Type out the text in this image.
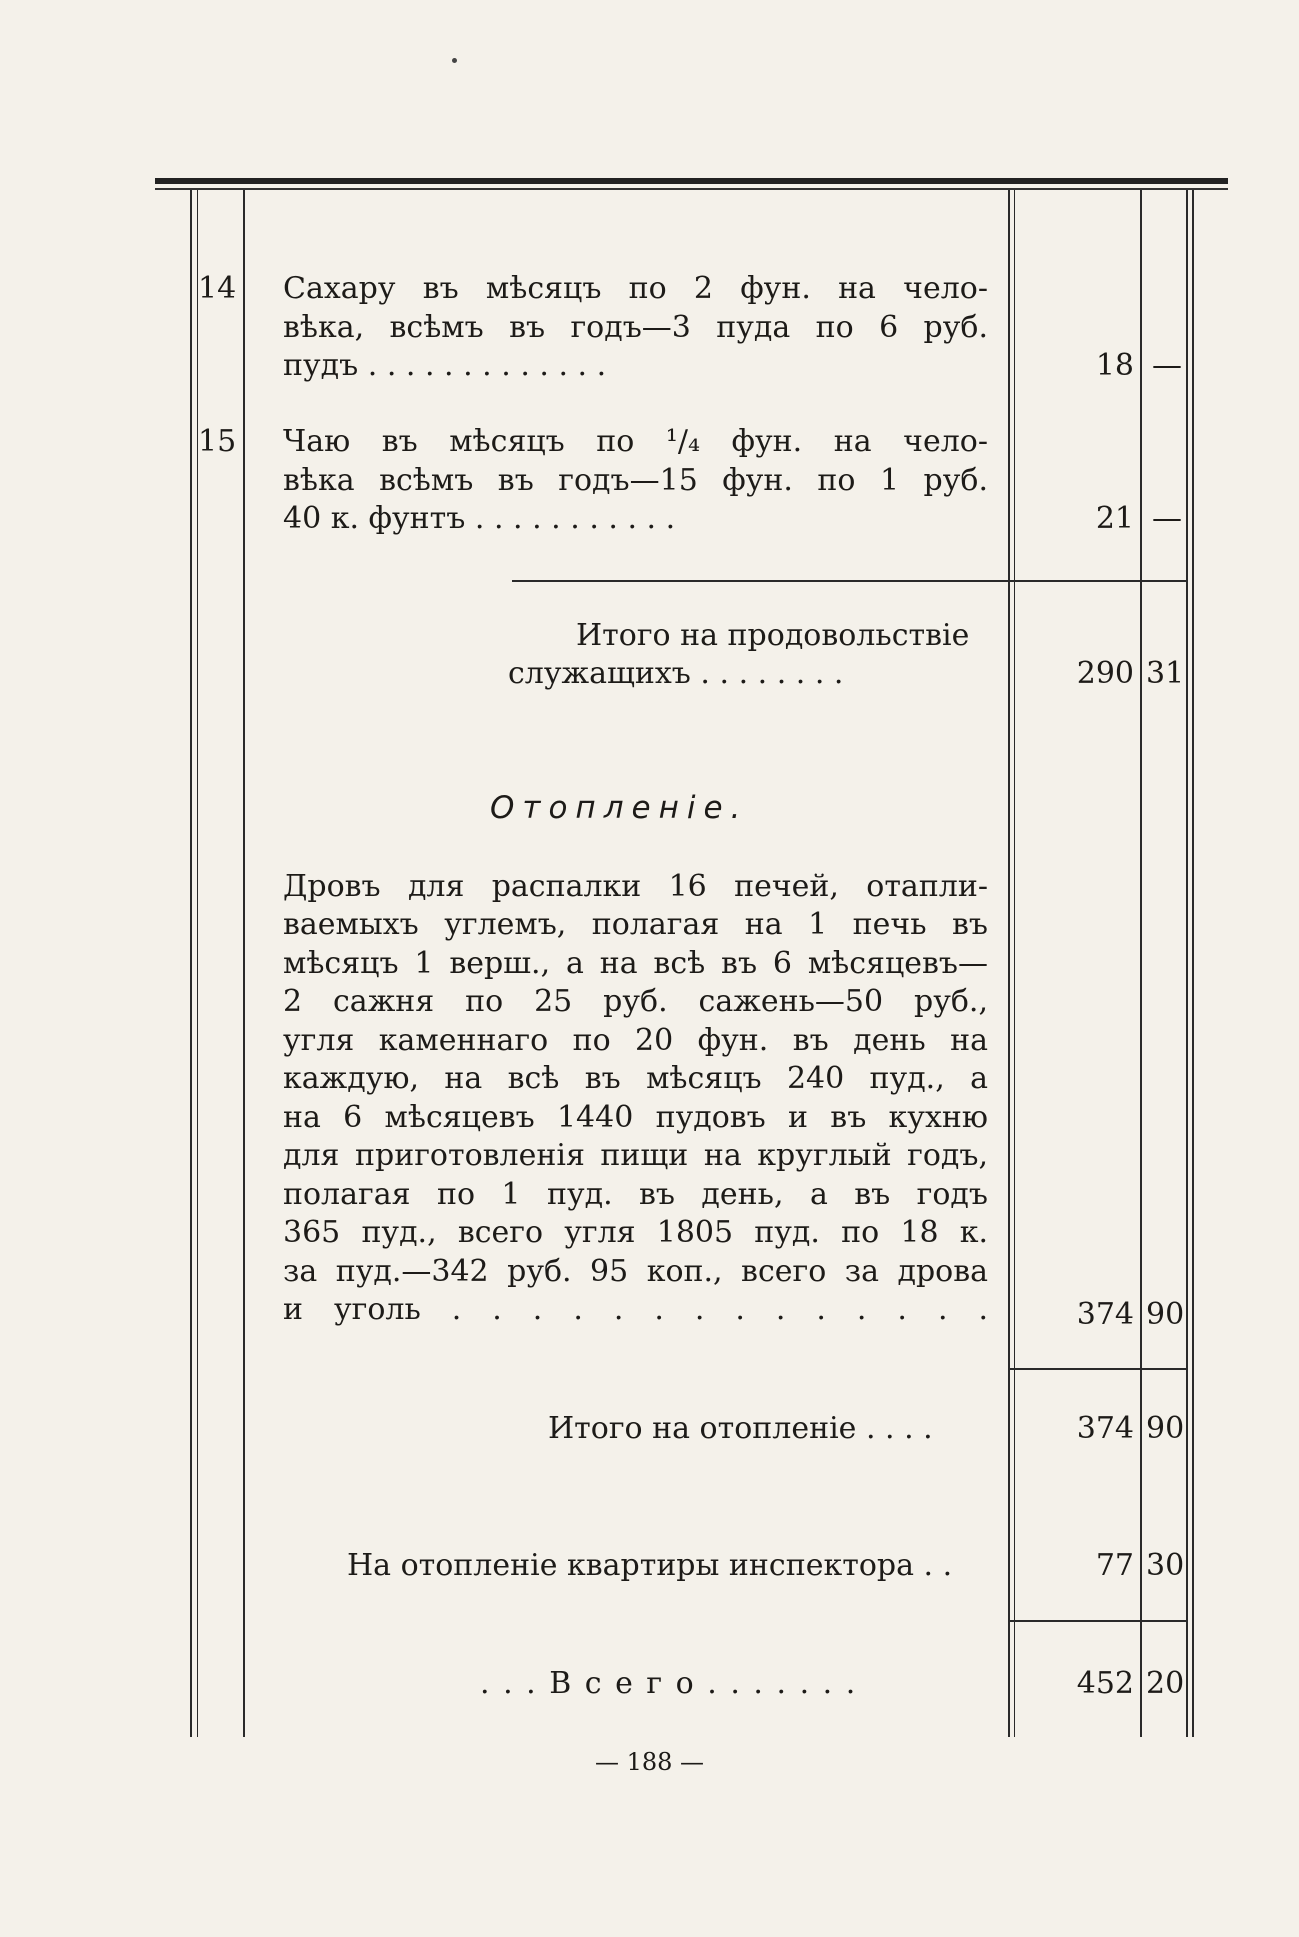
14 Сахару въ мѣсяцъ по 2 фун. на чело-
вѣка, всѣмъ въ годъ—3 пуда по 6 руб.
пудъ . . . . . . . . . . . . .	18 —
15 Чаю въ мѣсяцъ по ¹/₄ фун. на чело-
вѣка всѣмъ въ годъ—15 фун. по 1 руб.
40 к. фунтъ . . . . . . . . . . .	21 —
Итого на продовольствіе
служащихъ . . . . . . . .	290 31
Отопленіе.
Дровъ для распалки 16 печей, отапли-
ваемыхъ углемъ, полагая на 1 печь въ
мѣсяцъ 1 верш., а на всѣ въ 6 мѣсяцевъ—
2 сажня по 25 руб. сажень—50 руб.,
угля каменнаго по 20 фун. въ день на
каждую, на всѣ въ мѣсяцъ 240 пуд., а
на 6 мѣсяцевъ 1440 пудовъ и въ кухню
для приготовленія пищи на круглый годъ,
полагая по 1 пуд. въ день, а въ годъ
365 пуд., всего угля 1805 пуд. по 18 к.
за пуд.—342 руб. 95 коп., всего за дрова
и уголь . . . . . . . . . . . . . .	374 90
Итого на отопленіе . . . .	374 90
На отопленіе квартиры инспектора . .	77 30
. . . В с е г о . . . . . . .	452 20
— 188 —
